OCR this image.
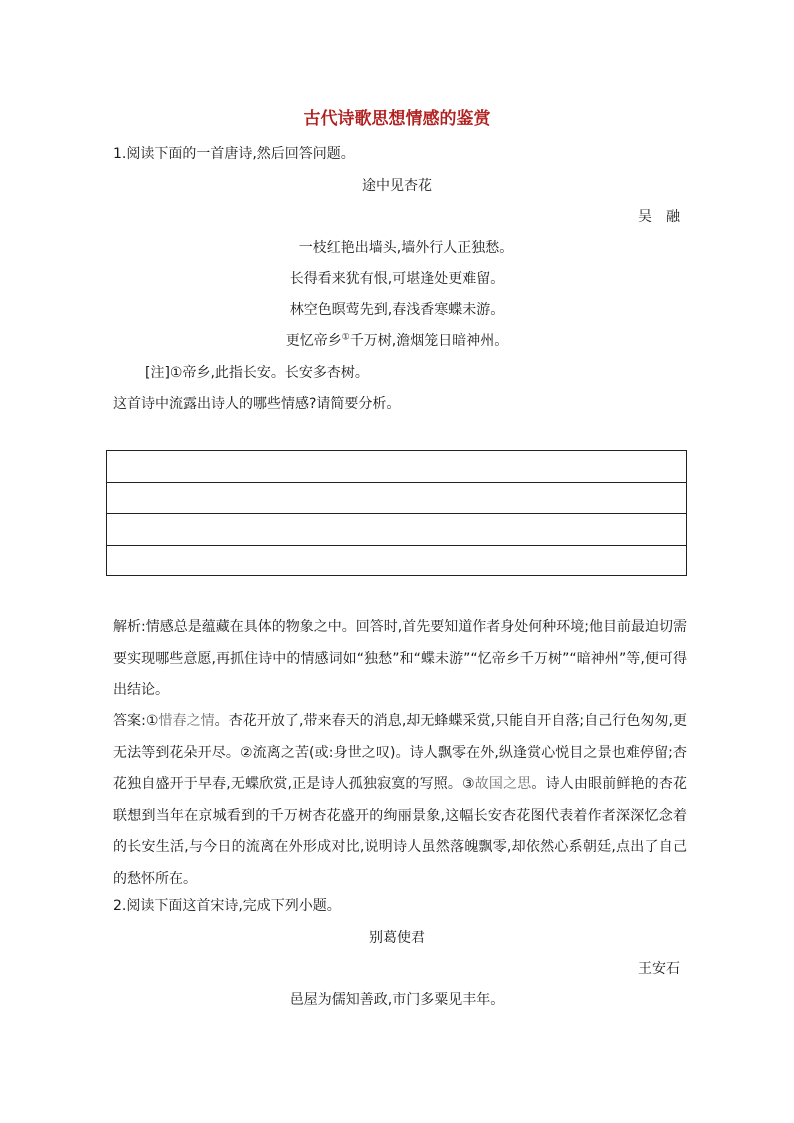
古代诗歌思想情感的鉴赏
1.阅读下面的一首唐诗,然后回答问题。
途中见杏花
吴　融
一枝红艳出墙头,墙外行人正独愁。
长得看来犹有恨,可堪逢处更难留。
林空色暝莺先到,春浅香寒蝶未游。
更忆帝乡①千万树,澹烟笼日暗神州。
[注]①帝乡,此指长安。长安多杏树。
这首诗中流露出诗人的哪些情感?请简要分析。
解析:情感总是蕴藏在具体的物象之中。回答时,首先要知道作者身处何种环境;他目前最迫切需要实现哪些意愿,再抓住诗中的情感词如“独愁”和“蝶未游”“忆帝乡千万树”“暗神州”等,便可得出结论。
答案:①惜春之情。杏花开放了,带来春天的消息,却无蜂蝶采赏,只能自开自落;自己行色匆匆,更无法等到花朵开尽。②流离之苦(或:身世之叹)。诗人飘零在外,纵逢赏心悦目之景也难停留;杏花独自盛开于早春,无蝶欣赏,正是诗人孤独寂寞的写照。③故国之思。诗人由眼前鲜艳的杏花联想到当年在京城看到的千万树杏花盛开的绚丽景象,这幅长安杏花图代表着作者深深忆念着的长安生活,与今日的流离在外形成对比,说明诗人虽然落魄飘零,却依然心系朝廷,点出了自己的愁怀所在。
2.阅读下面这首宋诗,完成下列小题。
别葛使君
王安石
邑屋为儒知善政,市门多粟见丰年。
